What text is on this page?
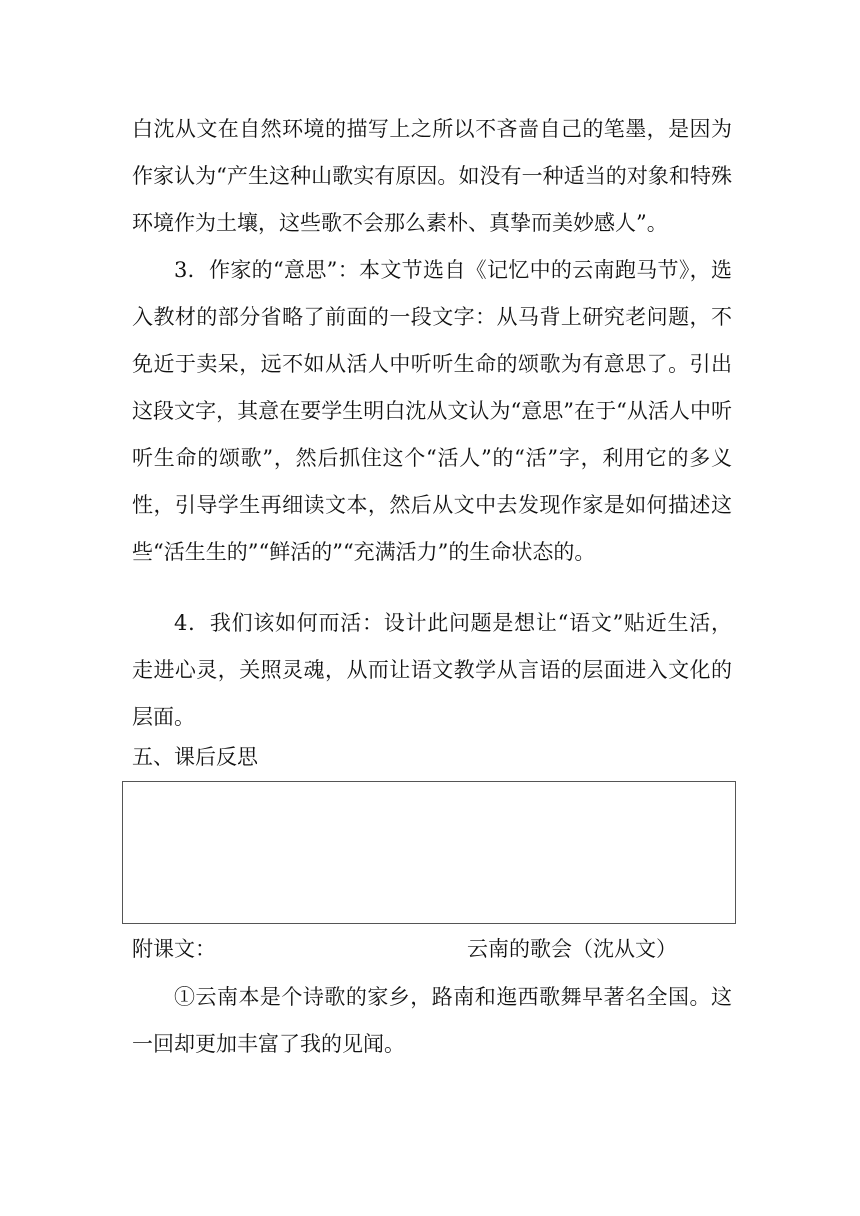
白沈从文在自然环境的描写上之所以不吝啬自己的笔墨，是因为作家认为“产生这种山歌实有原因。如没有一种适当的对象和特殊环境作为土壤，这些歌不会那么素朴、真挚而美妙感人”。

3．作家的“意思”：本文节选自《记忆中的云南跑马节》，选入教材的部分省略了前面的一段文字：从马背上研究老问题，不免近于卖呆，远不如从活人中听听生命的颂歌为有意思了。引出这段文字，其意在要学生明白沈从文认为“意思”在于“从活人中听听生命的颂歌”，然后抓住这个“活人”的“活”字，利用它的多义性，引导学生再细读文本，然后从文中去发现作家是如何描述这些“活生生的”“鲜活的”“充满活力”的生命状态的。

4．我们该如何而活：设计此问题是想让“语文”贴近生活，走进心灵，关照灵魂，从而让语文教学从言语的层面进入文化的层面。

五、课后反思

附课文：	云南的歌会（沈从文）

①云南本是个诗歌的家乡，路南和迤西歌舞早著名全国。这一回却更加丰富了我的见闻。
